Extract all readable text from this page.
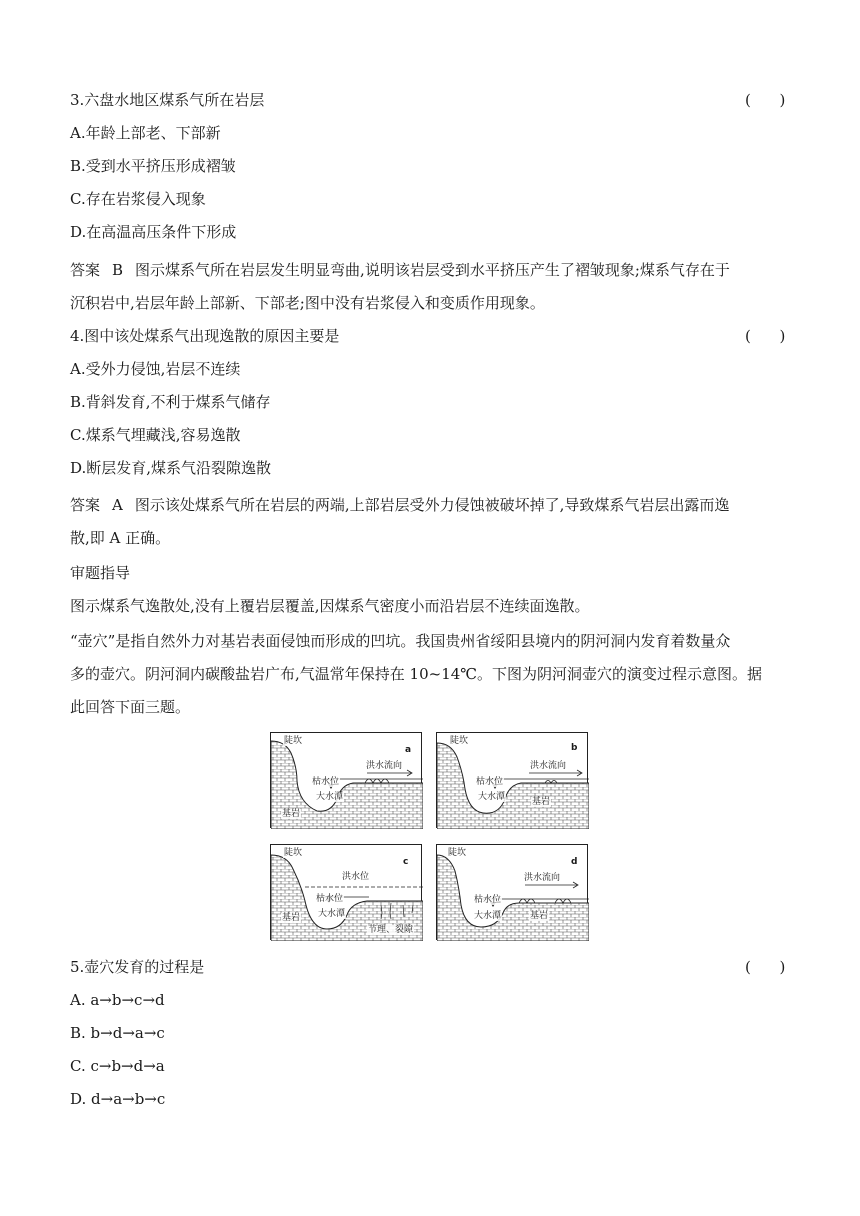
3.六盘水地区煤系气所在岩层	(      )
A.年龄上部老、下部新
B.受到水平挤压形成褶皱
C.存在岩浆侵入现象
D.在高温高压条件下形成
答案 B 图示煤系气所在岩层发生明显弯曲,说明该岩层受到水平挤压产生了褶皱现象;煤系气存在于
沉积岩中,岩层年龄上部新、下部老;图中没有岩浆侵入和变质作用现象。
4.图中该处煤系气出现逸散的原因主要是	(      )
A.受外力侵蚀,岩层不连续
B.背斜发育,不利于煤系气储存
C.煤系气埋藏浅,容易逸散
D.断层发育,煤系气沿裂隙逸散
答案 A 图示该处煤系气所在岩层的两端,上部岩层受外力侵蚀被破坏掉了,导致煤系气岩层出露而逸
散,即 A 正确。
审题指导
图示煤系气逸散处,没有上覆岩层覆盖,因煤系气密度小而沿岩层不连续面逸散。
“壶穴”是指自然外力对基岩表面侵蚀而形成的凹坑。我国贵州省绥阳县境内的阴河洞内发育着数量众
多的壶穴。阴河洞内碳酸盐岩广布,气温常年保持在 10~14℃。下图为阴河洞壶穴的演变过程示意图。据
此回答下面三题。
陡坎
a
洪水流向
枯水位
大水潭
基岩
陡坎
b
洪水流向
枯水位
大水潭	基岩
陡坎
c
洪水位
枯水位
大水潭
基岩
节理、裂隙
陡坎
d
洪水流向
枯水位
大水潭	基岩
5.壶穴发育的过程是	(      )
A. a→b→c→d
B. b→d→a→c
C. c→b→d→a
D. d→a→b→c
